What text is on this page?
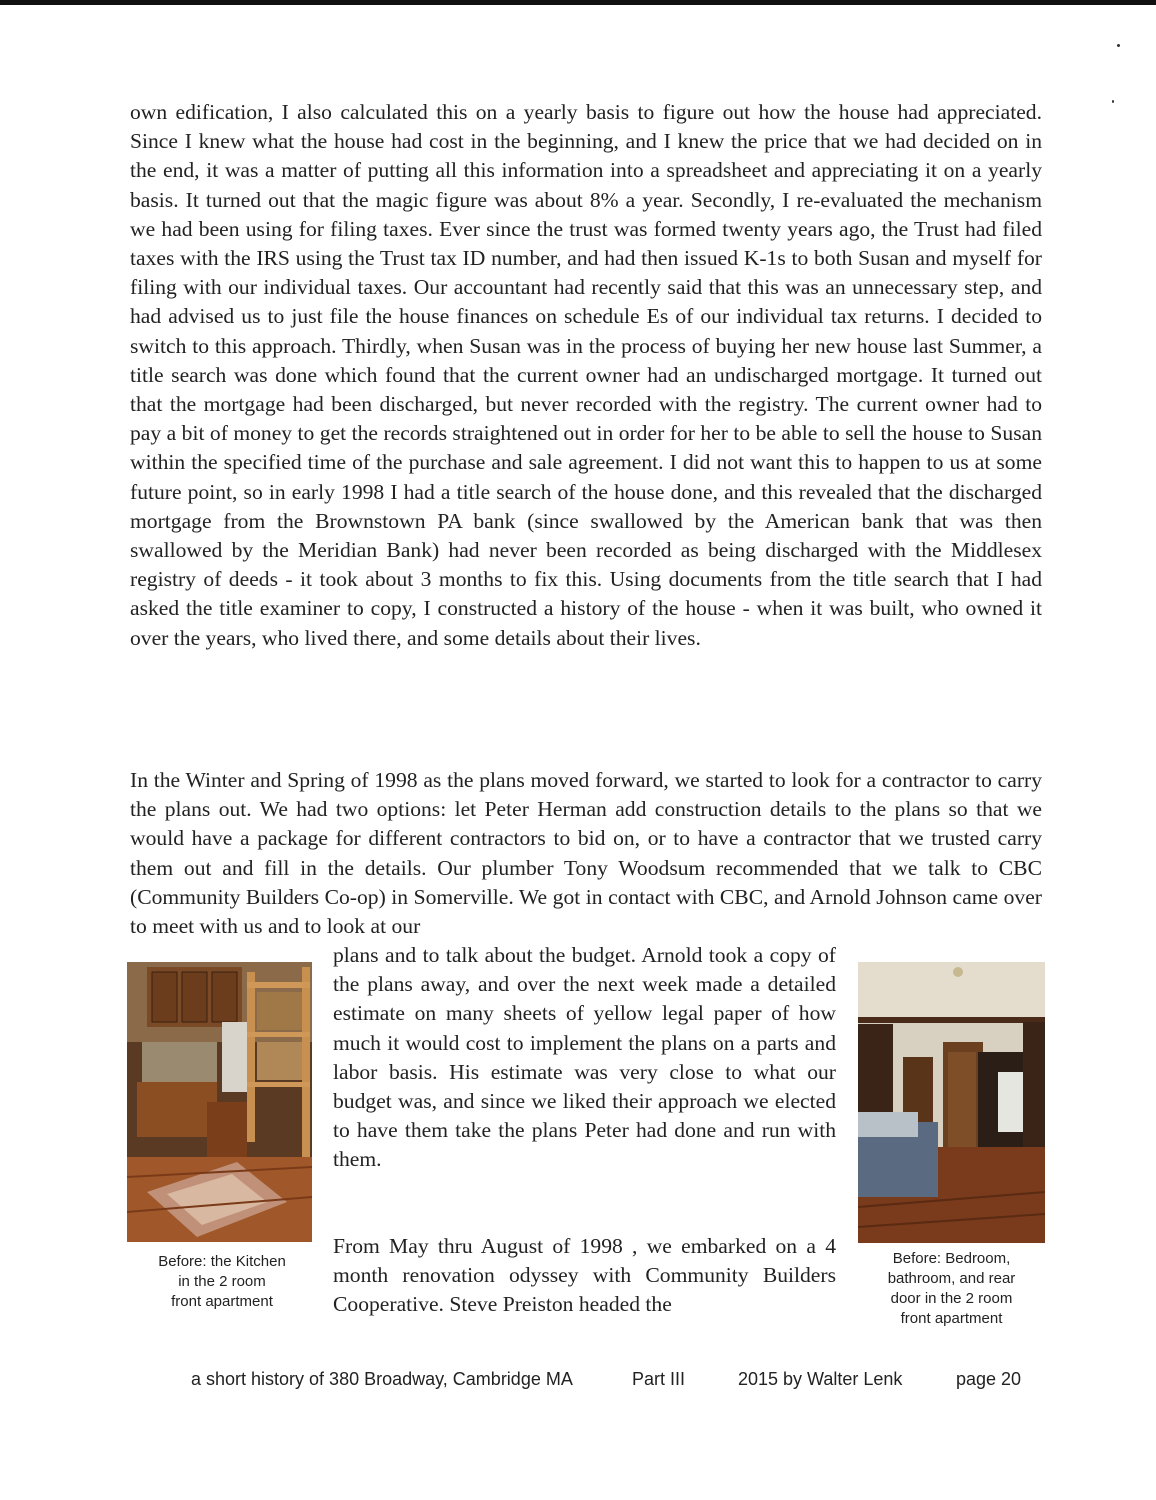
own edification, I also calculated this on a yearly basis to figure out how the house had appreciated. Since I knew what the house had cost in the beginning, and I knew the price that we had decided on in the end, it was a matter of putting all this information into a spreadsheet and appreciating it on a yearly basis. It turned out that the magic figure was about 8% a year. Secondly, I re-evaluated the mechanism we had been using for filing taxes. Ever since the trust was formed twenty years ago, the Trust had filed taxes with the IRS using the Trust tax ID number, and had then issued K-1s to both Susan and myself for filing with our individual taxes. Our accountant had recently said that this was an unnecessary step, and had advised us to just file the house finances on schedule Es of our individual tax returns. I decided to switch to this approach. Thirdly, when Susan was in the process of buying her new house last Summer, a title search was done which found that the current owner had an undischarged mortgage. It turned out that the mortgage had been discharged, but never recorded with the registry. The current owner had to pay a bit of money to get the records straightened out in order for her to be able to sell the house to Susan within the specified time of the purchase and sale agreement. I did not want this to happen to us at some future point, so in early 1998 I had a title search of the house done, and this revealed that the discharged mortgage from the Brownstown PA bank (since swallowed by the American bank that was then swallowed by the Meridian Bank) had never been recorded as being discharged with the Middlesex registry of deeds - it took about 3 months to fix this. Using documents from the title search that I had asked the title examiner to copy, I constructed a history of the house - when it was built, who owned it over the years, who lived there, and some details about their lives.

In the Winter and Spring of 1998 as the plans moved forward, we started to look for a contractor to carry the plans out. We had two options: let Peter Herman add construction details to the plans so that we would have a package for different contractors to bid on, or to have a contractor that we trusted carry them out and fill in the details. Our plumber Tony Woodsum recommended that we talk to CBC (Community Builders Co-op) in Somerville. We got in contact with CBC, and Arnold Johnson came over to meet with us and to look at our

plans and to talk about the budget. Arnold took a copy of the plans away, and over the next week made a detailed estimate on many sheets of yellow legal paper of how much it would cost to implement the plans on a parts and labor basis. His estimate was very close to what our budget was, and since we liked their approach we elected to have them take the plans Peter had done and run with them.

From May thru August of 1998 , we embarked on a 4 month renovation odyssey with Community Builders Cooperative. Steve Preiston headed the

Before: the Kitchen
in the 2 room
front apartment
Before: Bedroom,
bathroom, and rear
door in the 2 room
front apartment
a short history of 380 Broadway, Cambridge MA	Part III	2015 by Walter Lenk	page 20
